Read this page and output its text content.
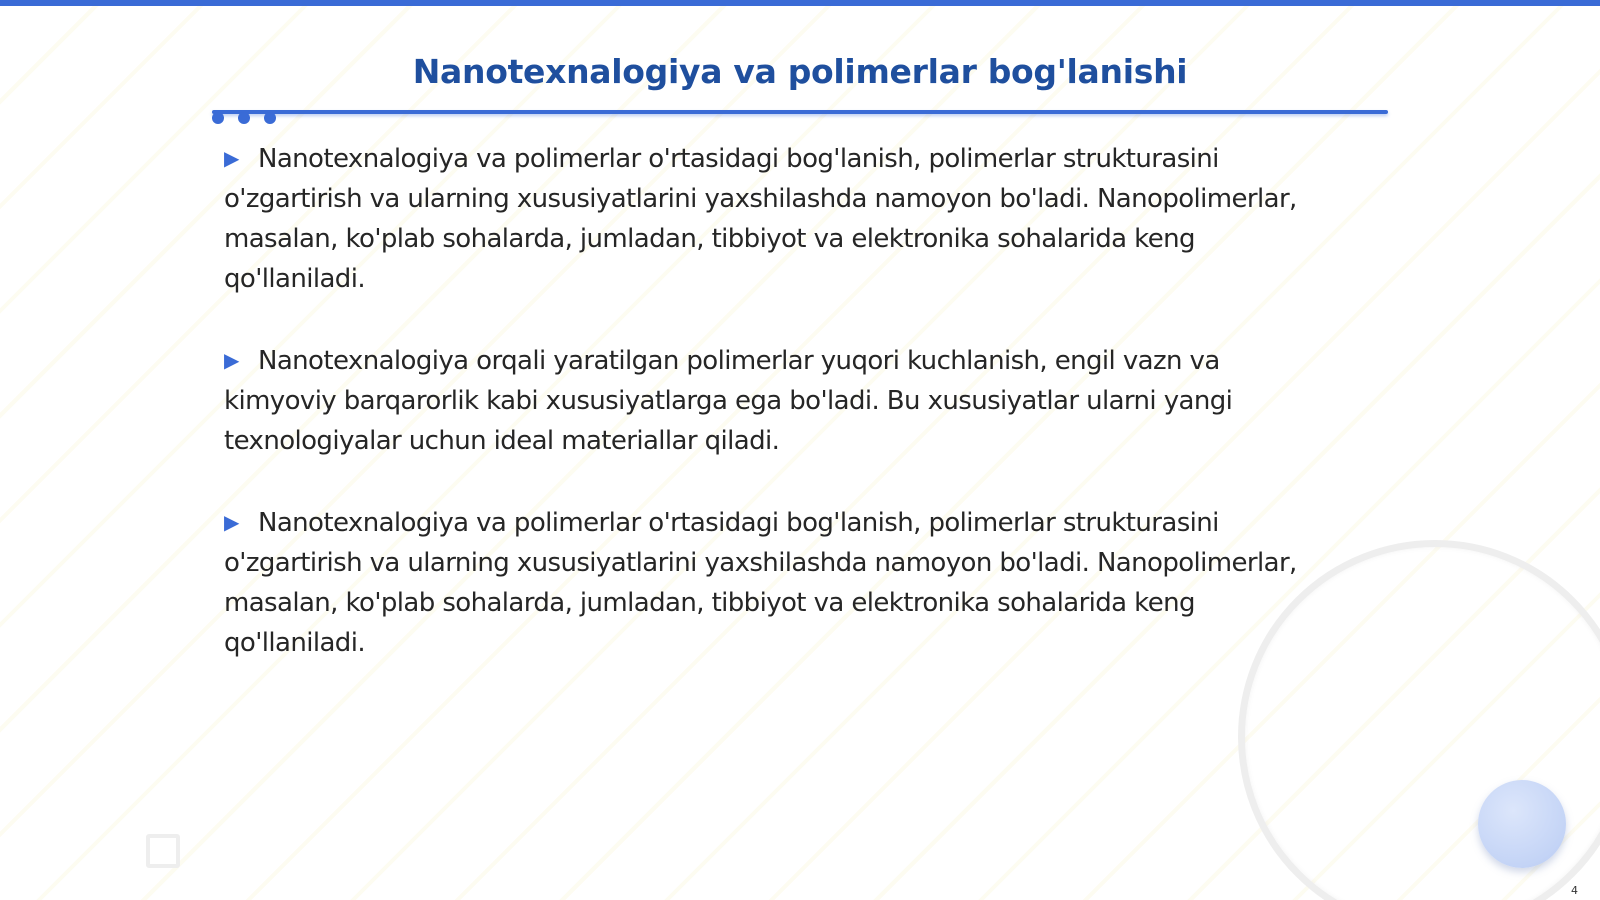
Nanotexnalogiya va polimerlar bog'lanishi

▶ Nanotexnalogiya va polimerlar o'rtasidagi bog'lanish, polimerlar strukturasini o'zgartirish va ularning xususiyatlarini yaxshilashda namoyon bo'ladi. Nanopolimerlar, masalan, ko'plab sohalarda, jumladan, tibbiyot va elektronika sohalarida keng qo'llaniladi.

▶ Nanotexnalogiya orqali yaratilgan polimerlar yuqori kuchlanish, engil vazn va kimyoviy barqarorlik kabi xususiyatlarga ega bo'ladi. Bu xususiyatlar ularni yangi texnologiyalar uchun ideal materiallar qiladi.

▶ Nanotexnalogiya va polimerlar o'rtasidagi bog'lanish, polimerlar strukturasini o'zgartirish va ularning xususiyatlarini yaxshilashda namoyon bo'ladi. Nanopolimerlar, masalan, ko'plab sohalarda, jumladan, tibbiyot va elektronika sohalarida keng qo'llaniladi.

4
